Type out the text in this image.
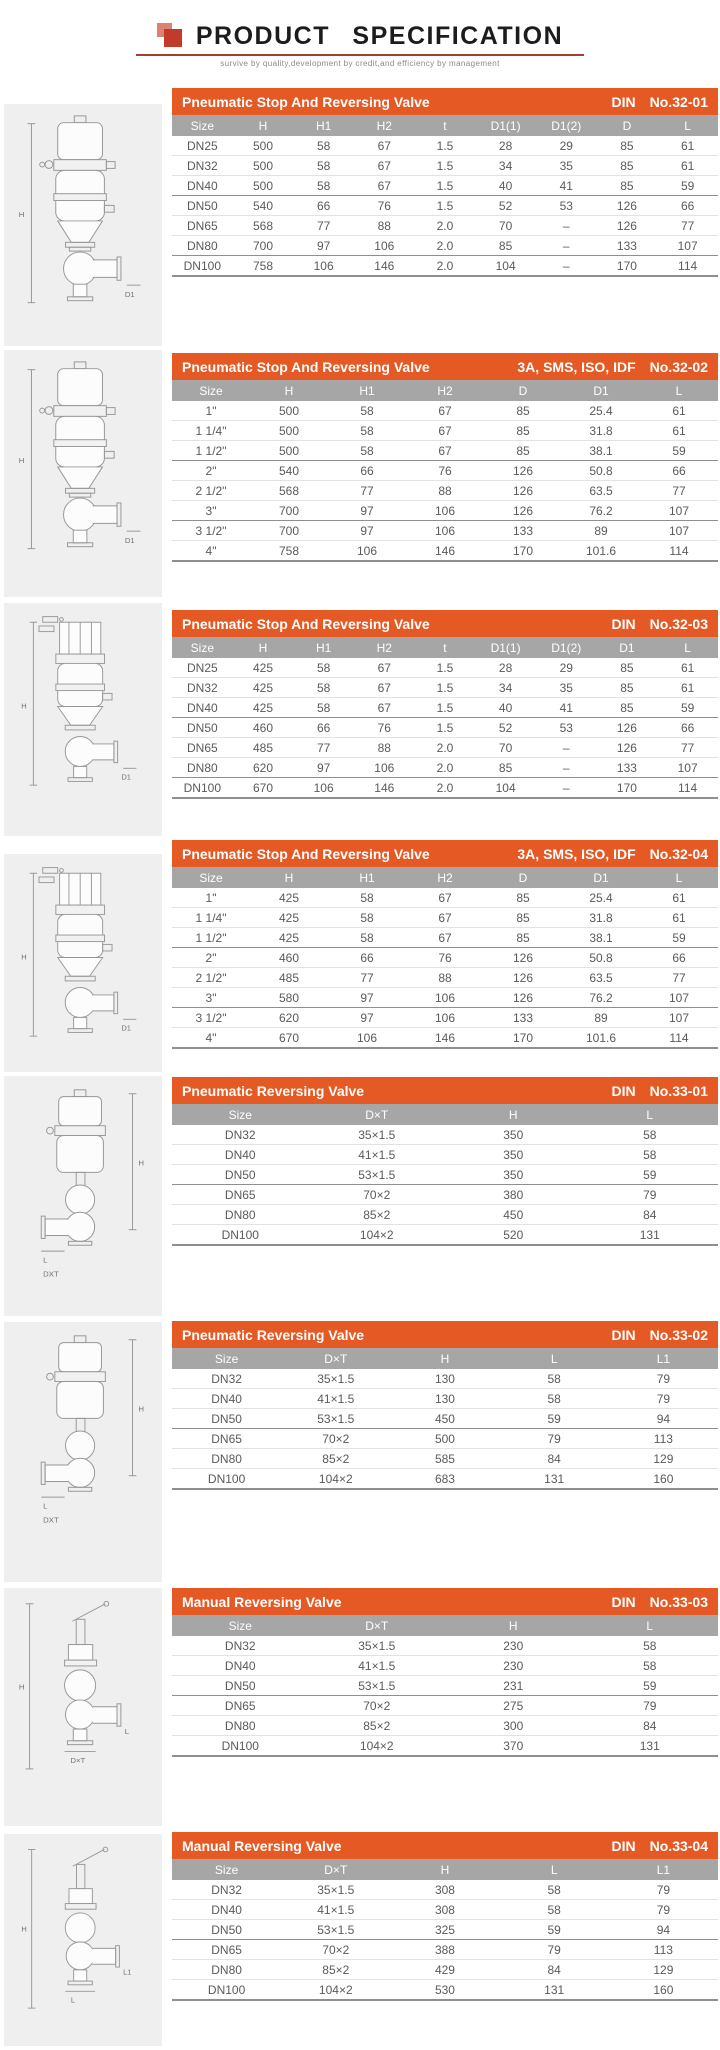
PRODUCT SPECIFICATION
survive by quality,development by credit,and efficiency by management
H
D1
Pneumatic Stop And Reversing Valve	DIN No.32-01
Size	H	H1	H2	t	D1(1)	D1(2)	D	L
DN25	500	58	67	1.5	28	29	85	61
DN32	500	58	67	1.5	34	35	85	61
DN40	500	58	67	1.5	40	41	85	59
DN50	540	66	76	1.5	52	53	126	66
DN65	568	77	88	2.0	70	–	126	77
DN80	700	97	106	2.0	85	–	133	107
DN100	758	106	146	2.0	104	–	170	114
H
D1
Pneumatic Stop And Reversing Valve	3A, SMS, ISO, IDF No.32-02
Size	H	H1	H2	D	D1	L
1"	500	58	67	85	25.4	61
1 1/4"	500	58	67	85	31.8	61
1 1/2"	500	58	67	85	38.1	59
2"	540	66	76	126	50.8	66
2 1/2"	568	77	88	126	63.5	77
3"	700	97	106	126	76.2	107
3 1/2"	700	97	106	133	89	107
4"	758	106	146	170	101.6	114
H
D1
Pneumatic Stop And Reversing Valve	DIN No.32-03
Size	H	H1	H2	t	D1(1)	D1(2)	D1	L
DN25	425	58	67	1.5	28	29	85	61
DN32	425	58	67	1.5	34	35	85	61
DN40	425	58	67	1.5	40	41	85	59
DN50	460	66	76	1.5	52	53	126	66
DN65	485	77	88	2.0	70	–	126	77
DN80	620	97	106	2.0	85	–	133	107
DN100	670	106	146	2.0	104	–	170	114
H
D1
Pneumatic Stop And Reversing Valve	3A, SMS, ISO, IDF No.32-04
Size	H	H1	H2	D	D1	L
1"	425	58	67	85	25.4	61
1 1/4"	425	58	67	85	31.8	61
1 1/2"	425	58	67	85	38.1	59
2"	460	66	76	126	50.8	66
2 1/2"	485	77	88	126	63.5	77
3"	580	97	106	126	76.2	107
3 1/2"	620	97	106	133	89	107
4"	670	106	146	170	101.6	114
H
L
DXT
Pneumatic Reversing Valve	DIN No.33-01
Size	D×T	H	L
DN32	35×1.5	350	58
DN40	41×1.5	350	58
DN50	53×1.5	350	59
DN65	70×2	380	79
DN80	85×2	450	84
DN100	104×2	520	131
H
L
DXT
Pneumatic Reversing Valve	DIN No.33-02
Size	D×T	H	L	L1
DN32	35×1.5	130	58	79
DN40	41×1.5	130	58	79
DN50	53×1.5	450	59	94
DN65	70×2	500	79	113
DN80	85×2	585	84	129
DN100	104×2	683	131	160
H
L
D×T
Manual Reversing Valve	DIN No.33-03
Size	D×T	H	L
DN32	35×1.5	230	58
DN40	41×1.5	230	58
DN50	53×1.5	231	59
DN65	70×2	275	79
DN80	85×2	300	84
DN100	104×2	370	131
H
L1
L
Manual Reversing Valve	DIN No.33-04
Size	D×T	H	L	L1
DN32	35×1.5	308	58	79
DN40	41×1.5	308	58	79
DN50	53×1.5	325	59	94
DN65	70×2	388	79	113
DN80	85×2	429	84	129
DN100	104×2	530	131	160
